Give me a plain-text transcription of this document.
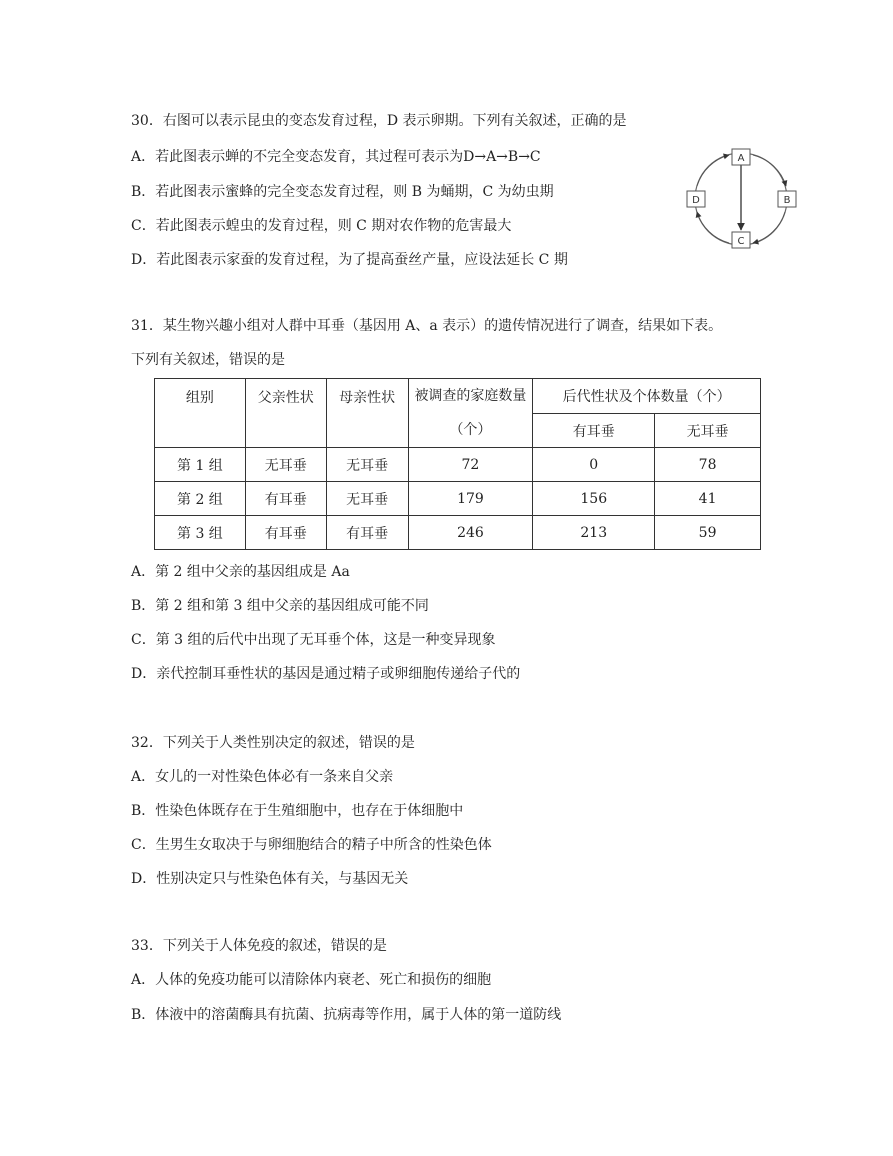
30．右图可以表示昆虫的变态发育过程，D 表示卵期。下列有关叙述，正确的是
A．若此图表示蝉的不完全变态发育，其过程可表示为D→A→B→C
B．若此图表示蜜蜂的完全变态发育过程，则 B 为蛹期，C 为幼虫期
C．若此图表示蝗虫的发育过程，则 C 期对农作物的危害最大
D．若此图表示家蚕的发育过程，为了提高蚕丝产量，应设法延长 C 期
A
B
C
D
31．某生物兴趣小组对人群中耳垂（基因用 A、a 表示）的遗传情况进行了调查，结果如下表。
下列有关叙述，错误的是
组别	父亲性状	母亲性状	被调查的家庭数量
（个）	后代性状及个体数量（个）	
				有耳垂	无耳垂
第 1 组	无耳垂	无耳垂	72	0	78
第 2 组	有耳垂	无耳垂	179	156	41
第 3 组	有耳垂	有耳垂	246	213	59
A．第 2 组中父亲的基因组成是 Aa
B．第 2 组和第 3 组中父亲的基因组成可能不同
C．第 3 组的后代中出现了无耳垂个体，这是一种变异现象
D．亲代控制耳垂性状的基因是通过精子或卵细胞传递给子代的
32．下列关于人类性别决定的叙述，错误的是
A．女儿的一对性染色体必有一条来自父亲
B．性染色体既存在于生殖细胞中，也存在于体细胞中
C．生男生女取决于与卵细胞结合的精子中所含的性染色体
D．性别决定只与性染色体有关，与基因无关
33．下列关于人体免疫的叙述，错误的是
A．人体的免疫功能可以清除体内衰老、死亡和损伤的细胞
B．体液中的溶菌酶具有抗菌、抗病毒等作用，属于人体的第一道防线
